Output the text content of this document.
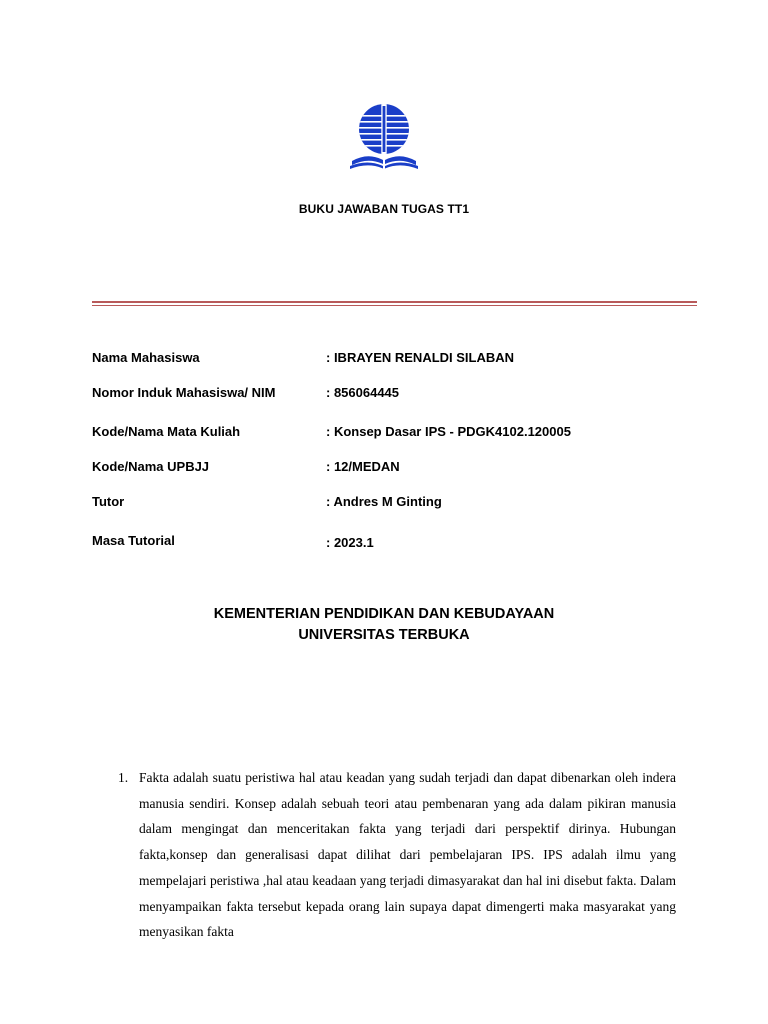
BUKU JAWABAN TUGAS TT1
Nama Mahasiswa	: IBRAYEN RENALDI SILABAN
Nomor Induk Mahasiswa/ NIM	: 856064445
Kode/Nama Mata Kuliah	: Konsep Dasar IPS - PDGK4102.120005
Kode/Nama UPBJJ	: 12/MEDAN
Tutor	: Andres M Ginting
Masa Tutorial	: 2023.1
KEMENTERIAN PENDIDIKAN DAN KEBUDAYAAN
UNIVERSITAS TERBUKA
1. Fakta adalah suatu peristiwa hal atau keadan yang sudah terjadi dan dapat dibenarkan oleh indera manusia sendiri. Konsep adalah sebuah teori atau pembenaran yang ada dalam pikiran manusia dalam mengingat dan menceritakan fakta yang terjadi dari perspektif dirinya. Hubungan fakta,konsep dan generalisasi dapat dilihat dari pembelajaran IPS. IPS adalah ilmu yang mempelajari peristiwa ,hal atau keadaan yang terjadi dimasyarakat dan hal ini disebut fakta. Dalam menyampaikan fakta tersebut kepada orang lain supaya dapat dimengerti maka masyarakat yang menyasikan fakta
